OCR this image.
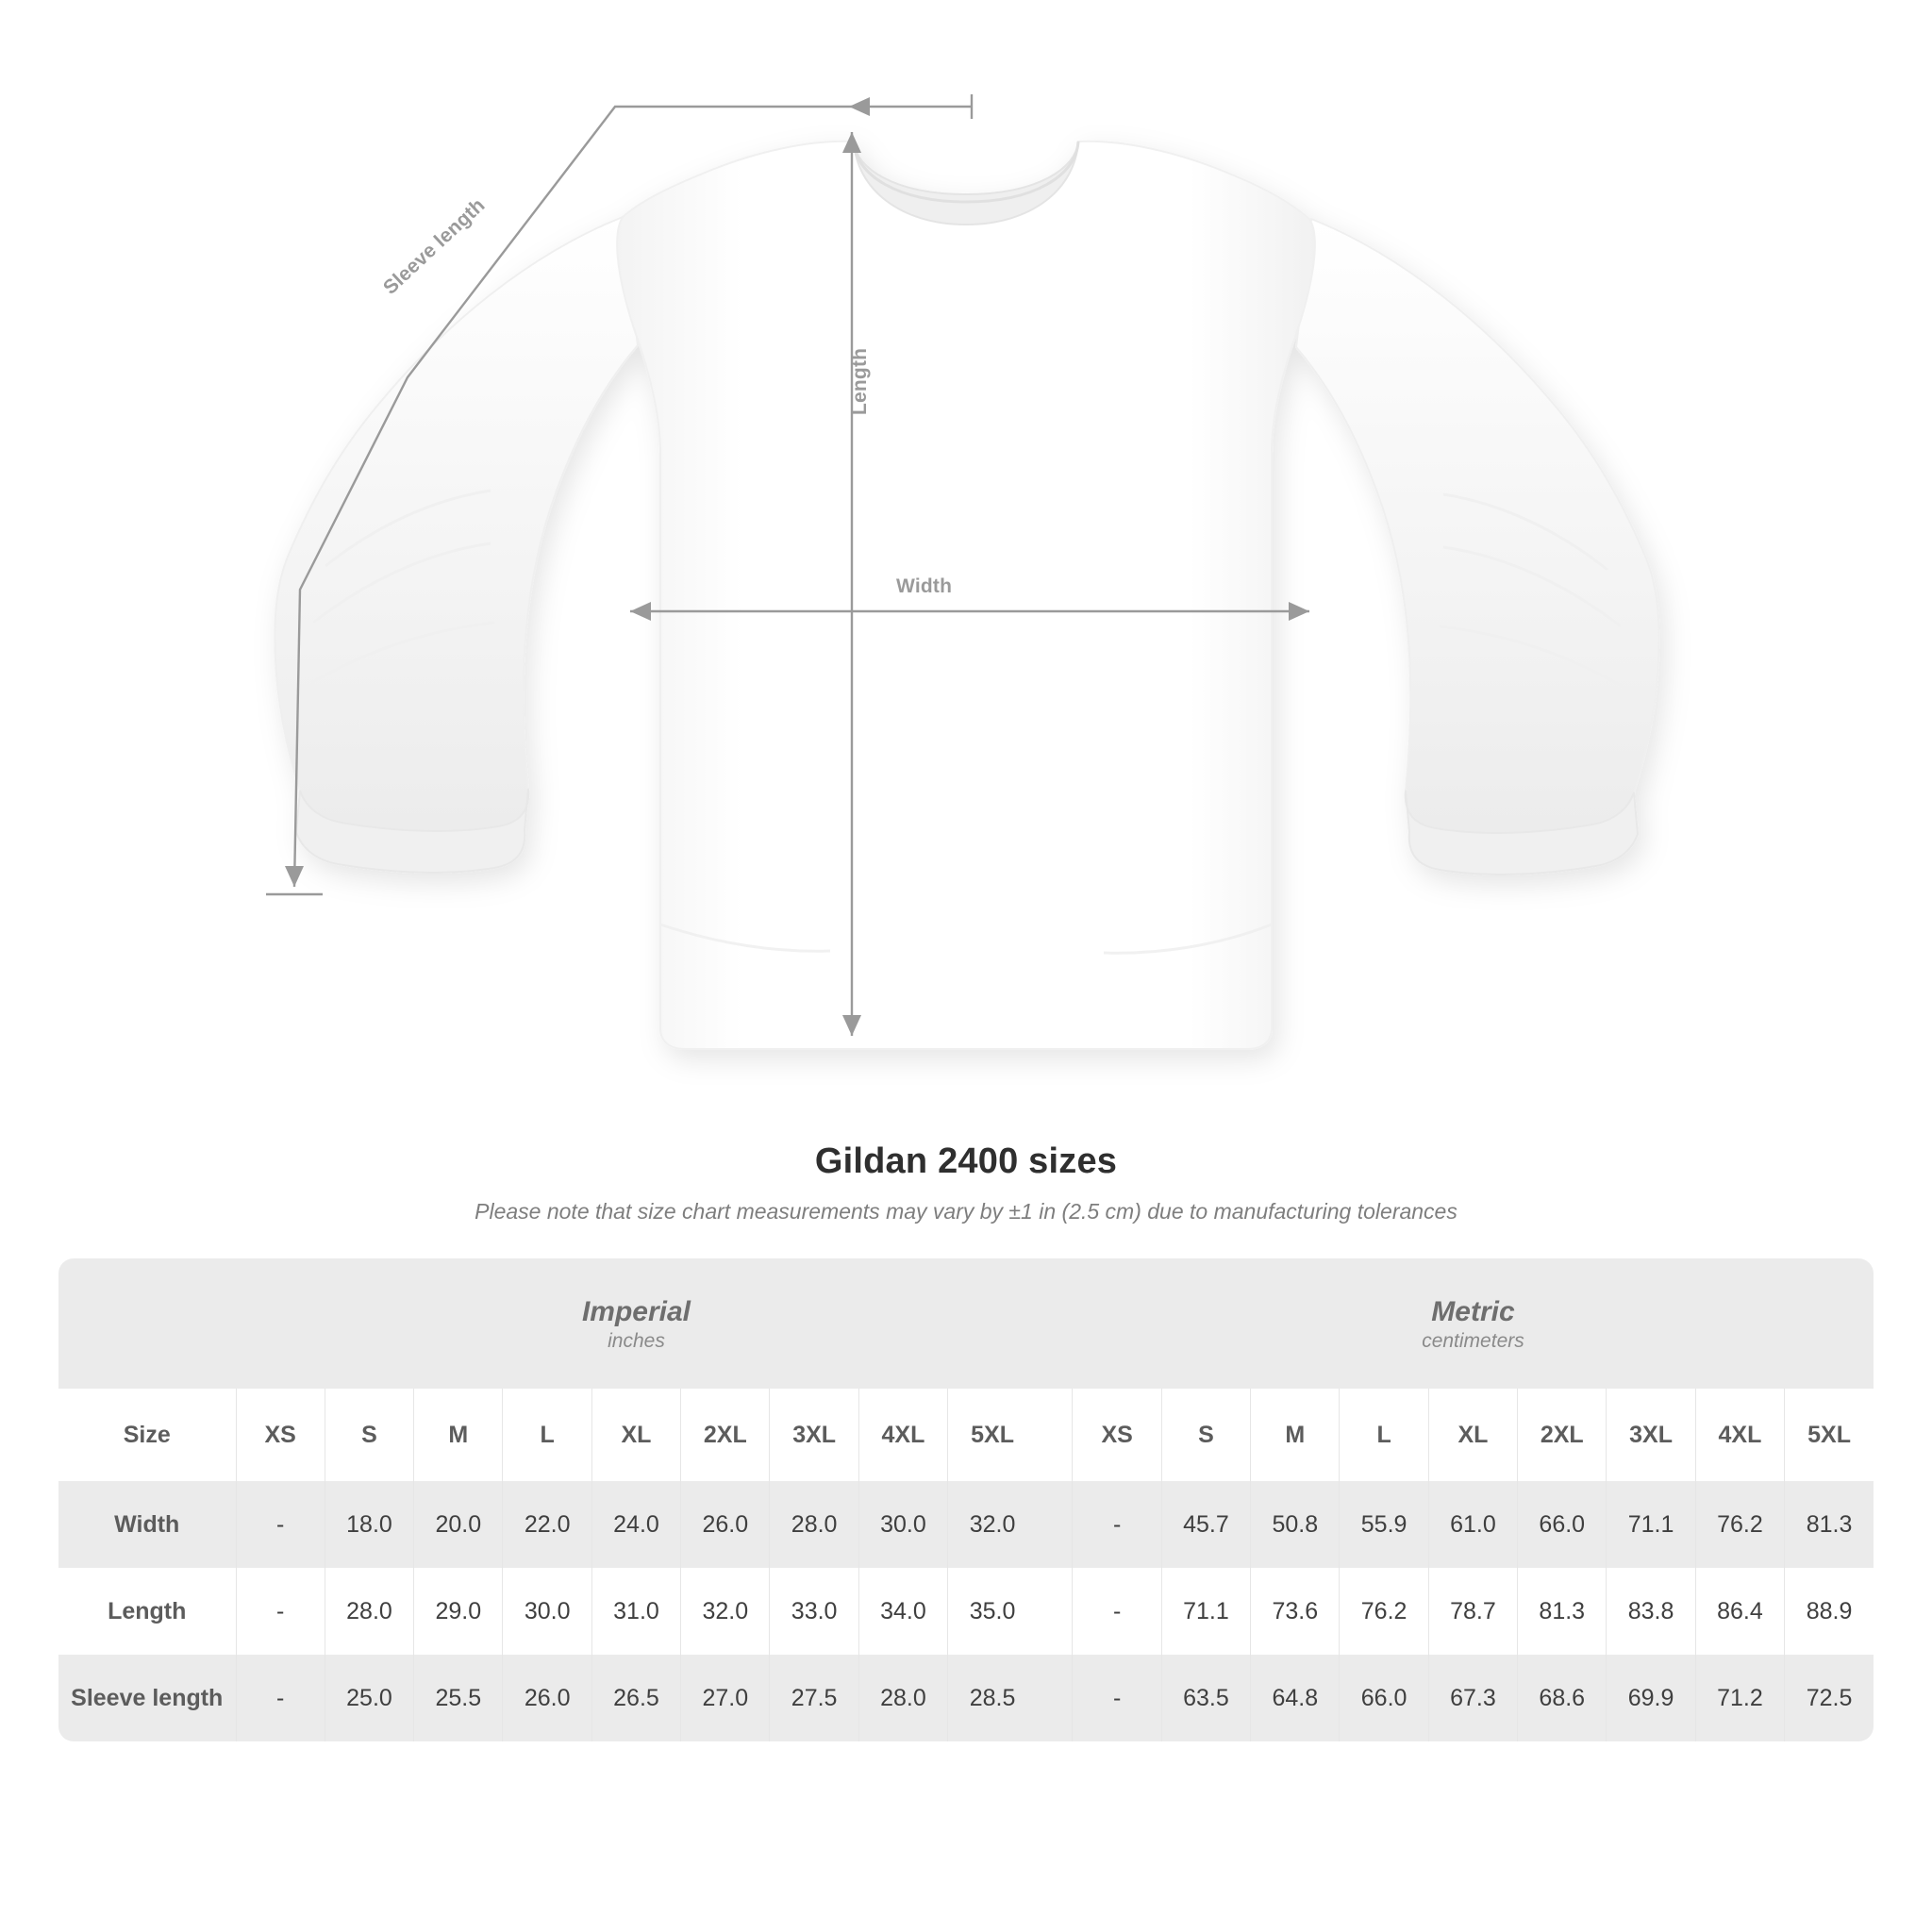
Width
Length
Sleeve length
Gildan 2400 sizes

Please note that size chart measurements may vary by ±1 in (2.5 cm) due to manufacturing tolerances

Imperial
inches

Metric
centimeters

Size	XS	S	M	L	XL	2XL	3XL	4XL	5XL		XS	S	M	L	XL	2XL	3XL	4XL	5XL
Width	-	18.0	20.0	22.0	24.0	26.0	28.0	30.0	32.0		-	45.7	50.8	55.9	61.0	66.0	71.1	76.2	81.3
Length	-	28.0	29.0	30.0	31.0	32.0	33.0	34.0	35.0		-	71.1	73.6	76.2	78.7	81.3	83.8	86.4	88.9
Sleeve length	-	25.0	25.5	26.0	26.5	27.0	27.5	28.0	28.5		-	63.5	64.8	66.0	67.3	68.6	69.9	71.2	72.5
